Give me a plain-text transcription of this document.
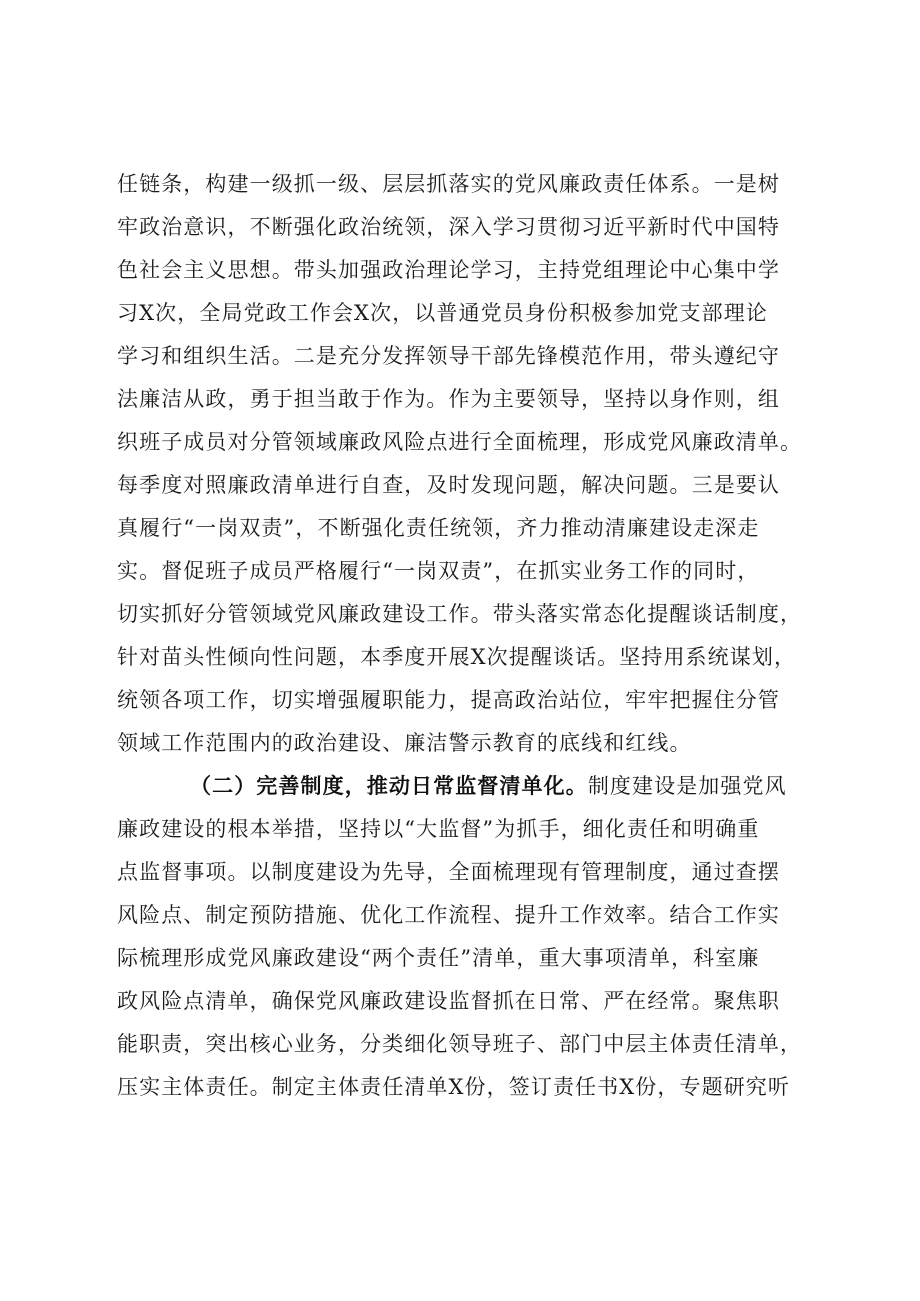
任链条，构建一级抓一级、层层抓落实的党风廉政责任体系。一是树
牢政治意识，不断强化政治统领，深入学习贯彻习近平新时代中国特
色社会主义思想。带头加强政治理论学习，主持党组理论中心集中学
习X次，全局党政工作会X次，以普通党员身份积极参加党支部理论
学习和组织生活。二是充分发挥领导干部先锋模范作用，带头遵纪守
法廉洁从政，勇于担当敢于作为。作为主要领导，坚持以身作则，组
织班子成员对分管领域廉政风险点进行全面梳理，形成党风廉政清单。
每季度对照廉政清单进行自查，及时发现问题，解决问题。三是要认
真履行“一岗双责”，不断强化责任统领，齐力推动清廉建设走深走
实。督促班子成员严格履行“一岗双责”，在抓实业务工作的同时，
切实抓好分管领域党风廉政建设工作。带头落实常态化提醒谈话制度，
针对苗头性倾向性问题，本季度开展X次提醒谈话。坚持用系统谋划，
统领各项工作，切实增强履职能力，提高政治站位，牢牢把握住分管
领域工作范围内的政治建设、廉洁警示教育的底线和红线。
（二）完善制度，推动日常监督清单化。制度建设是加强党风
廉政建设的根本举措，坚持以“大监督”为抓手，细化责任和明确重
点监督事项。以制度建设为先导，全面梳理现有管理制度，通过查摆
风险点、制定预防措施、优化工作流程、提升工作效率。结合工作实
际梳理形成党风廉政建设“两个责任”清单，重大事项清单，科室廉
政风险点清单，确保党风廉政建设监督抓在日常、严在经常。聚焦职
能职责，突出核心业务，分类细化领导班子、部门中层主体责任清单，
压实主体责任。制定主体责任清单X份，签订责任书X份，专题研究听
